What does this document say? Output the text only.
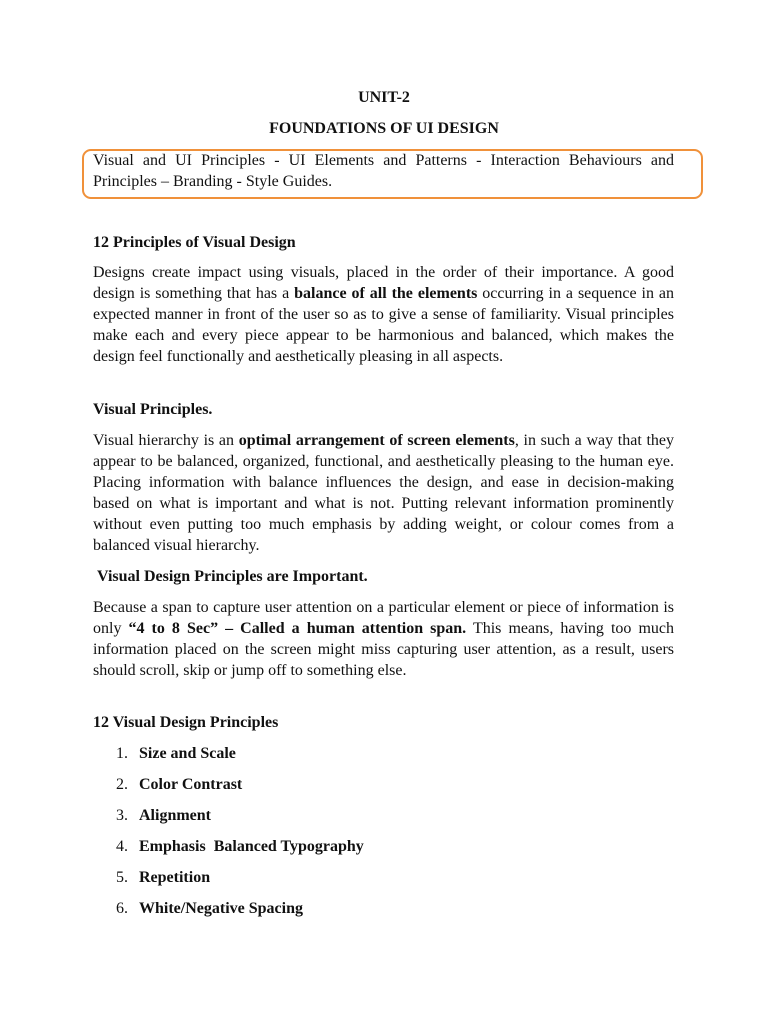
UNIT-2
FOUNDATIONS OF UI DESIGN
Visual and UI Principles - UI Elements and Patterns - Interaction Behaviours and Principles – Branding - Style Guides.
12 Principles of Visual Design
Designs create impact using visuals, placed in the order of their importance. A good design is something that has a balance of all the elements occurring in a sequence in an expected manner in front of the user so as to give a sense of familiarity. Visual principles make each and every piece appear to be harmonious and balanced, which makes the design feel functionally and aesthetically pleasing in all aspects.
Visual Principles.
Visual hierarchy is an optimal arrangement of screen elements, in such a way that they appear to be balanced, organized, functional, and aesthetically pleasing to the human eye. Placing information with balance influences the design, and ease in decision-making based on what is important and what is not. Putting relevant information prominently without even putting too much emphasis by adding weight, or colour comes from a balanced visual hierarchy.
Visual Design Principles are Important.
Because a span to capture user attention on a particular element or piece of information is only “4 to 8 Sec” – Called a human attention span. This means, having too much information placed on the screen might miss capturing user attention, as a result, users should scroll, skip or jump off to something else.
12 Visual Design Principles
1. Size and Scale
2. Color Contrast
3. Alignment
4. Emphasis  Balanced Typography
5. Repetition
6. White/Negative Spacing
